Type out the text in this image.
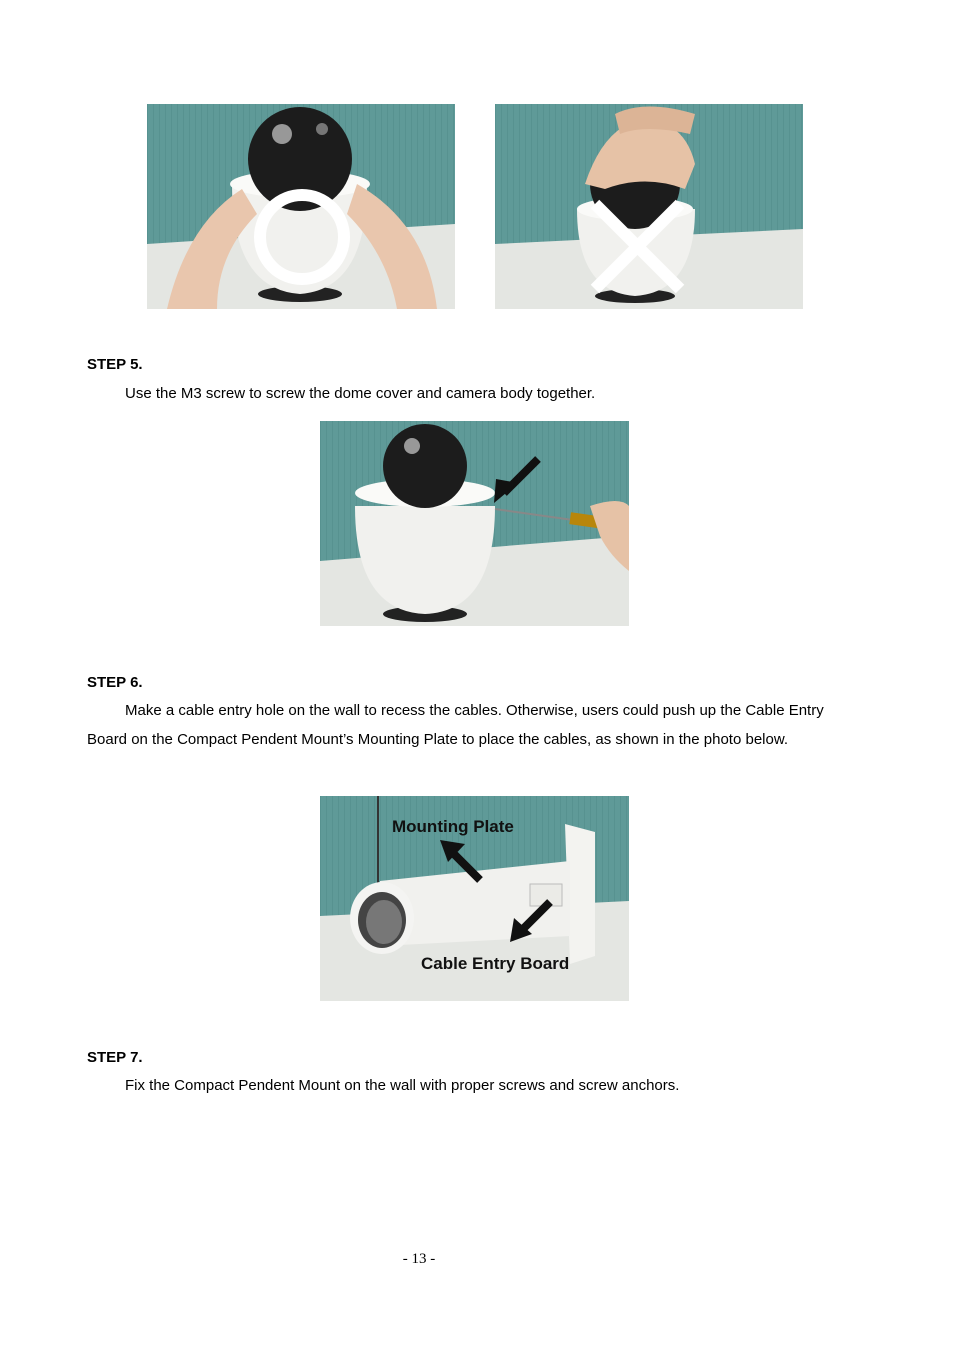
STEP 5.

Use the M3 screw to screw the dome cover and camera body together.

STEP 6.

Make a cable entry hole on the wall to recess the cables. Otherwise, users could push up the Cable Entry Board on the Compact Pendent Mount’s Mounting Plate to place the cables, as shown in the photo below.

Mounting Plate
Cable Entry Board
STEP 7.

Fix the Compact Pendent Mount on the wall with proper screws and screw anchors.

- 13 -
